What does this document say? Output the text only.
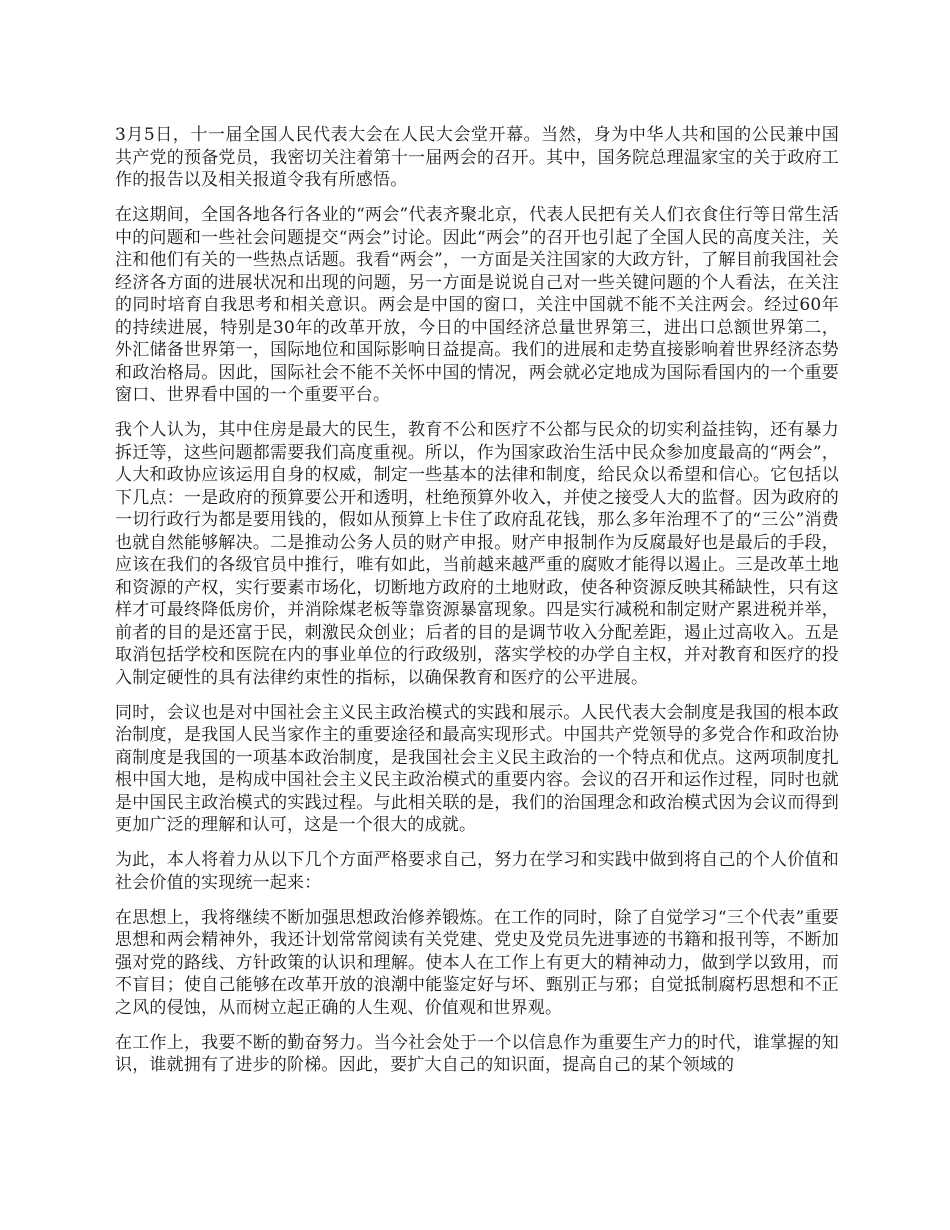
3月5日，十一届全国人民代表大会在人民大会堂开幕。当然，身为中华人共和国的公民兼中国共产党的预备党员，我密切关注着第十一届两会的召开。其中，国务院总理温家宝的关于政府工作的报告以及相关报道令我有所感悟。

在这期间，全国各地各行各业的“两会”代表齐聚北京，代表人民把有关人们衣食住行等日常生活中的问题和一些社会问题提交“两会”讨论。因此“两会”的召开也引起了全国人民的高度关注，关注和他们有关的一些热点话题。我看“两会”，一方面是关注国家的大政方针，了解目前我国社会经济各方面的进展状况和出现的问题，另一方面是说说自己对一些关键问题的个人看法，在关注的同时培育自我思考和相关意识。两会是中国的窗口，关注中国就不能不关注两会。经过60年的持续进展，特别是30年的改革开放，今日的中国经济总量世界第三，进出口总额世界第二，外汇储备世界第一，国际地位和国际影响日益提高。我们的进展和走势直接影响着世界经济态势和政治格局。因此，国际社会不能不关怀中国的情况，两会就必定地成为国际看国内的一个重要窗口、世界看中国的一个重要平台。

我个人认为，其中住房是最大的民生，教育不公和医疗不公都与民众的切实利益挂钩，还有暴力拆迁等，这些问题都需要我们高度重视。所以，作为国家政治生活中民众参加度最高的“两会”，人大和政协应该运用自身的权威，制定一些基本的法律和制度，给民众以希望和信心。它包括以下几点：一是政府的预算要公开和透明，杜绝预算外收入，并使之接受人大的监督。因为政府的一切行政行为都是要用钱的，假如从预算上卡住了政府乱花钱，那么多年治理不了的“三公”消费也就自然能够解决。二是推动公务人员的财产申报。财产申报制作为反腐最好也是最后的手段，应该在我们的各级官员中推行，唯有如此，当前越来越严重的腐败才能得以遏止。三是改革土地和资源的产权，实行要素市场化，切断地方政府的土地财政，使各种资源反映其稀缺性，只有这样才可最终降低房价，并消除煤老板等靠资源暴富现象。四是实行减税和制定财产累进税并举，前者的目的是还富于民，刺激民众创业；后者的目的是调节收入分配差距，遏止过高收入。五是取消包括学校和医院在内的事业单位的行政级别，落实学校的办学自主权，并对教育和医疗的投入制定硬性的具有法律约束性的指标，以确保教育和医疗的公平进展。

同时，会议也是对中国社会主义民主政治模式的实践和展示。人民代表大会制度是我国的根本政治制度，是我国人民当家作主的重要途径和最高实现形式。中国共产党领导的多党合作和政治协商制度是我国的一项基本政治制度，是我国社会主义民主政治的一个特点和优点。这两项制度扎根中国大地，是构成中国社会主义民主政治模式的重要内容。会议的召开和运作过程，同时也就是中国民主政治模式的实践过程。与此相关联的是，我们的治国理念和政治模式因为会议而得到更加广泛的理解和认可，这是一个很大的成就。

为此，本人将着力从以下几个方面严格要求自己，努力在学习和实践中做到将自己的个人价值和社会价值的实现统一起来：

在思想上，我将继续不断加强思想政治修养锻炼。在工作的同时，除了自觉学习“三个代表”重要思想和两会精神外，我还计划常常阅读有关党建、党史及党员先进事迹的书籍和报刊等，不断加强对党的路线、方针政策的认识和理解。使本人在工作上有更大的精神动力，做到学以致用，而不盲目；使自己能够在改革开放的浪潮中能鉴定好与坏、甄别正与邪；自觉抵制腐朽思想和不正之风的侵蚀，从而树立起正确的人生观、价值观和世界观。

在工作上，我要不断的勤奋努力。当今社会处于一个以信息作为重要生产力的时代，谁掌握的知识，谁就拥有了进步的阶梯。因此，要扩大自己的知识面，提高自己的某个领域的
